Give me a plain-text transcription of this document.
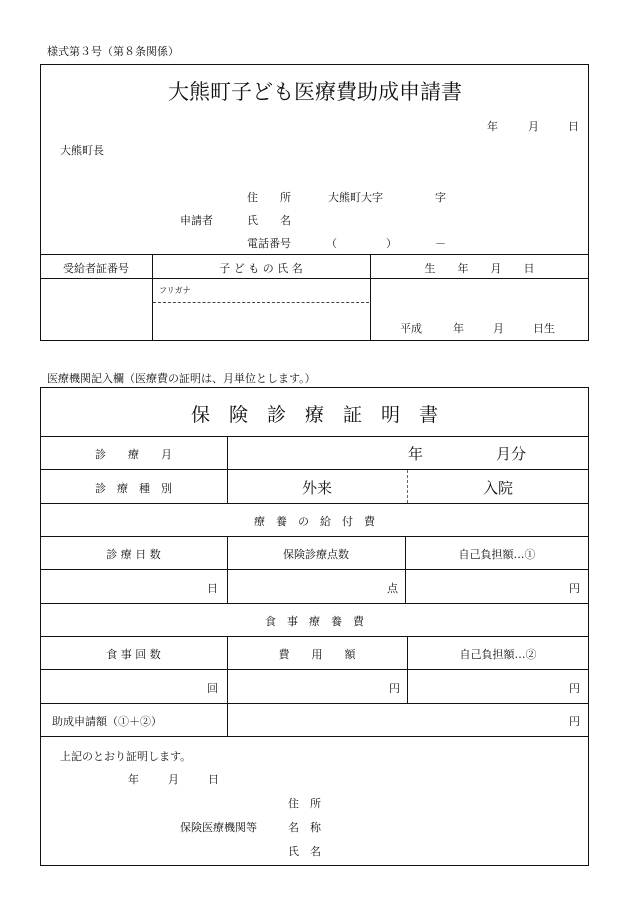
様式第３号（第８条関係）
大熊町子ども医療費助成申請書
年	月	日
大熊町長
住　　所	大熊町大字	字
申請者	氏　　名
電話番号	（	）	－
受給者証番号	子 ど も の 氏 名	生　　年　　月　　日
フリガナ
平成	年	月	日生
医療機関記入欄（医療費の証明は、月単位とします。）
保　険　診　療　証　明　書
診　　療　　月	年	月分
診　療　種　別	外来	入院
療　養　の　給　付　費
診 療 日 数	保険診療点数	自己負担額…①
日	点	円
食　事　療　養　費
食 事 回 数	費　　用　　額	自己負担額…②
回	円	円
助成申請額（①＋②）	円
上記のとおり証明します。
年	月	日
住　所
保険医療機関等	名　称
氏　名
